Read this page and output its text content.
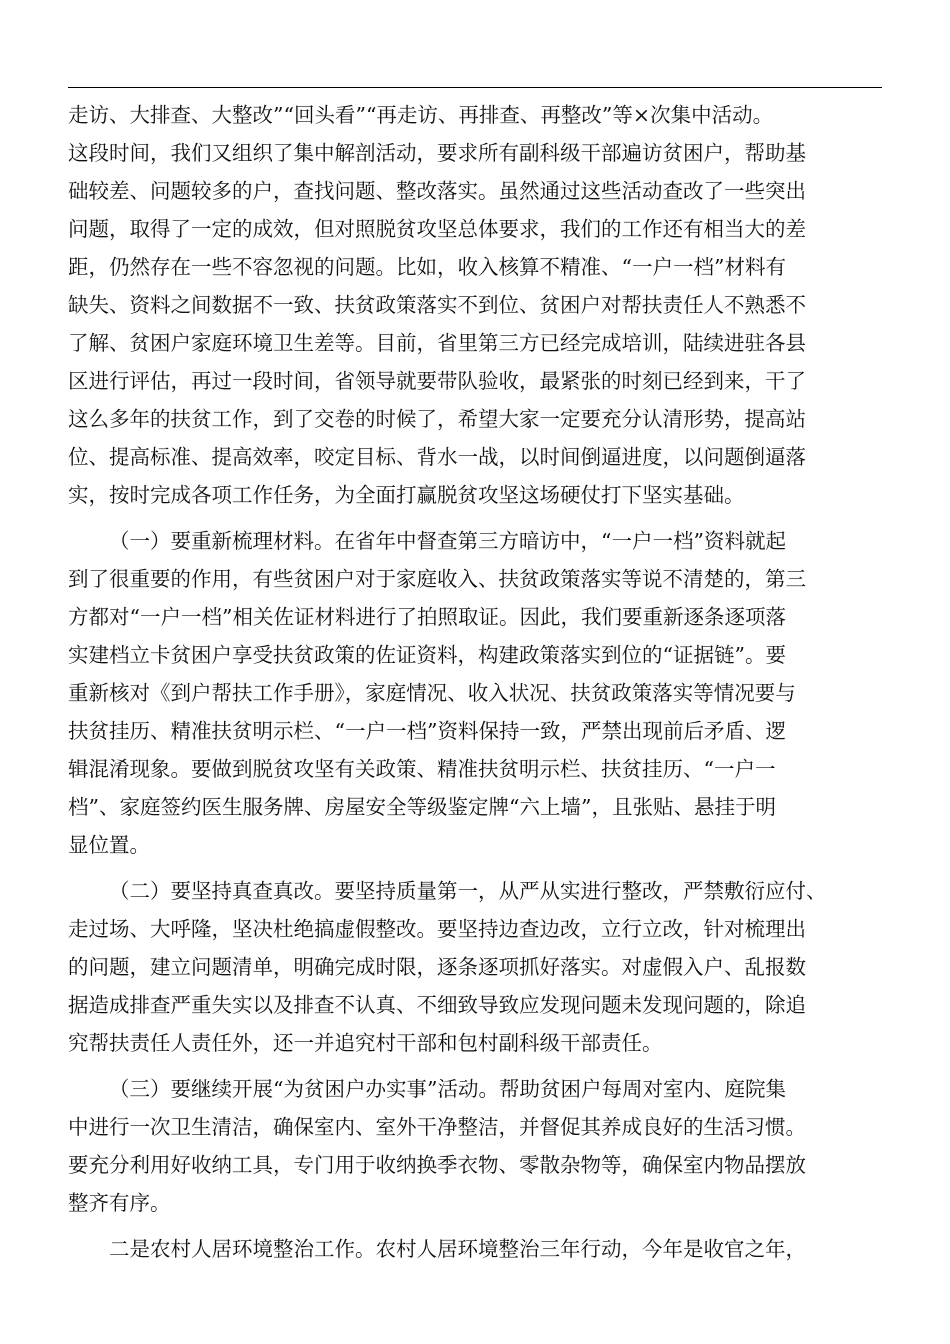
走访、大排查、大整改”“回头看”“再走访、再排查、再整改”等×次集中活动。
这段时间，我们又组织了集中解剖活动，要求所有副科级干部遍访贫困户，帮助基
础较差、问题较多的户，查找问题、整改落实。虽然通过这些活动查改了一些突出
问题，取得了一定的成效，但对照脱贫攻坚总体要求，我们的工作还有相当大的差
距，仍然存在一些不容忽视的问题。比如，收入核算不精准、“一户一档”材料有
缺失、资料之间数据不一致、扶贫政策落实不到位、贫困户对帮扶责任人不熟悉不
了解、贫困户家庭环境卫生差等。目前，省里第三方已经完成培训，陆续进驻各县
区进行评估，再过一段时间，省领导就要带队验收，最紧张的时刻已经到来，干了
这么多年的扶贫工作，到了交卷的时候了，希望大家一定要充分认清形势，提高站
位、提高标准、提高效率，咬定目标、背水一战，以时间倒逼进度，以问题倒逼落
实，按时完成各项工作任务，为全面打赢脱贫攻坚这场硬仗打下坚实基础。
（一）要重新梳理材料。在省年中督查第三方暗访中，“一户一档”资料就起
到了很重要的作用，有些贫困户对于家庭收入、扶贫政策落实等说不清楚的，第三
方都对“一户一档”相关佐证材料进行了拍照取证。因此，我们要重新逐条逐项落
实建档立卡贫困户享受扶贫政策的佐证资料，构建政策落实到位的“证据链”。要
重新核对《到户帮扶工作手册》，家庭情况、收入状况、扶贫政策落实等情况要与
扶贫挂历、精准扶贫明示栏、“一户一档”资料保持一致，严禁出现前后矛盾、逻
辑混淆现象。要做到脱贫攻坚有关政策、精准扶贫明示栏、扶贫挂历、“一户一
档”、家庭签约医生服务牌、房屋安全等级鉴定牌“六上墙”，且张贴、悬挂于明
显位置。
（二）要坚持真查真改。要坚持质量第一，从严从实进行整改，严禁敷衍应付、
走过场、大呼隆，坚决杜绝搞虚假整改。要坚持边查边改，立行立改，针对梳理出
的问题，建立问题清单，明确完成时限，逐条逐项抓好落实。对虚假入户、乱报数
据造成排查严重失实以及排查不认真、不细致导致应发现问题未发现问题的，除追
究帮扶责任人责任外，还一并追究村干部和包村副科级干部责任。
（三）要继续开展“为贫困户办实事”活动。帮助贫困户每周对室内、庭院集
中进行一次卫生清洁，确保室内、室外干净整洁，并督促其养成良好的生活习惯。
要充分利用好收纳工具，专门用于收纳换季衣物、零散杂物等，确保室内物品摆放
整齐有序。
二是农村人居环境整治工作。农村人居环境整治三年行动，今年是收官之年，
